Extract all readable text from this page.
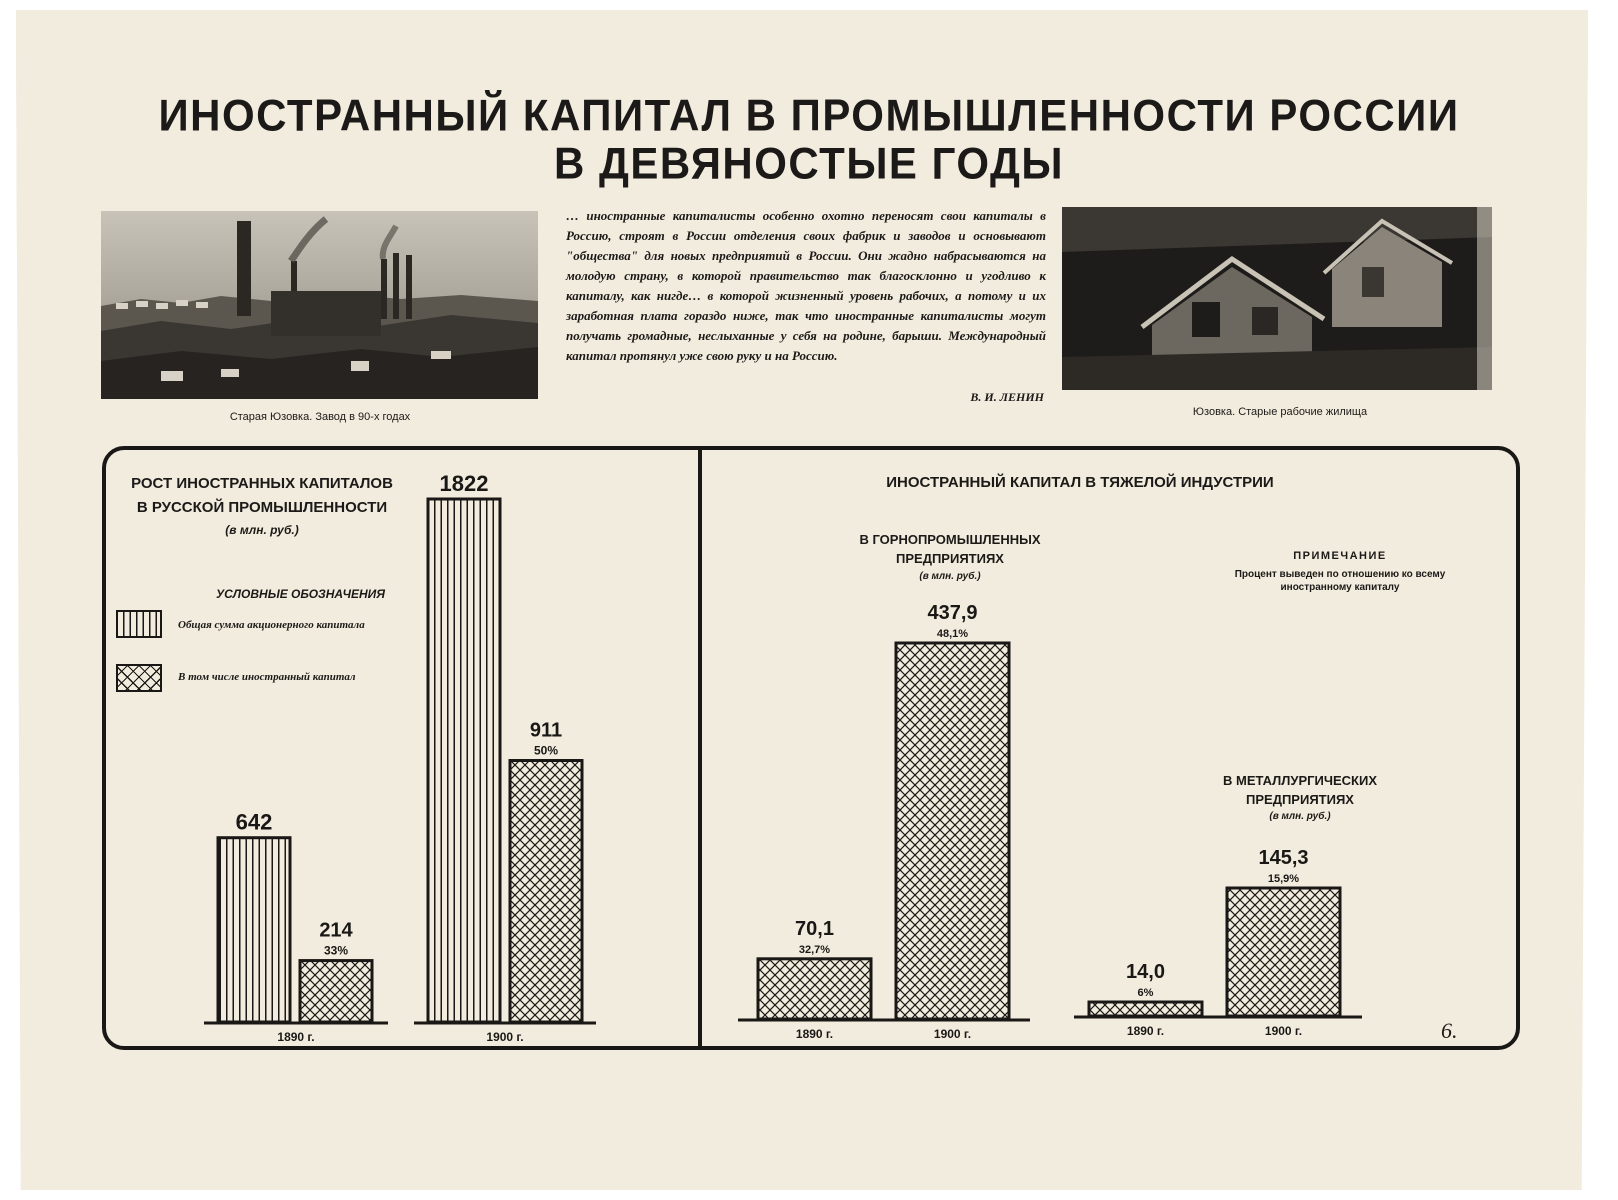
ИНОСТРАННЫЙ КАПИТАЛ В ПРОМЫШЛЕННОСТИ РОССИИ
В ДЕВЯНОСТЫЕ ГОДЫ
Старая Юзовка. Завод в 90-х годах
… иностранные капиталисты особенно охотно переносят свои капиталы в Россию, строят в России отделения своих фабрик и заводов и основывают "общества" для новых предприятий в России. Они жадно набрасываются на молодую страну, в которой правительство так благосклонно и угодливо к капиталу, как нигде… в которой жизненный уровень рабочих, а потому и их заработная плата гораздо ниже, так что иностранные капиталисты могут получать громадные, неслыханные у себя на родине, барыши. Международный капитал протянул уже свою руку и на Россию.
В. И. ЛЕНИН
Юзовка. Старые рабочие жилища
РОСТ ИНОСТРАННЫХ КАПИТАЛОВ
В РУССКОЙ ПРОМЫШЛЕННОСТИ
(в млн. руб.)
УСЛОВНЫЕ ОБОЗНАЧЕНИЯ
Общая сумма акционерного капитала
В том числе иностранный капитал
ИНОСТРАННЫЙ КАПИТАЛ В ТЯЖЕЛОЙ ИНДУСТРИИ
В ГОРНОПРОМЫШЛЕННЫХ
ПРЕДПРИЯТИЯХ
(в млн. руб.)
ПРИМЕЧАНИЕ
Процент выведен по отношению ко всему иностранному капиталу
В МЕТАЛЛУРГИЧЕСКИХ
ПРЕДПРИЯТИЯХ
(в млн. руб.)
6.
642
214
33%
1890 г.
1822
911
50%
1900 г.
70,1
32,7%
1890 г.
437,9
48,1%
1900 г.
14,0
6%
1890 г.
145,3
15,9%
1900 г.
